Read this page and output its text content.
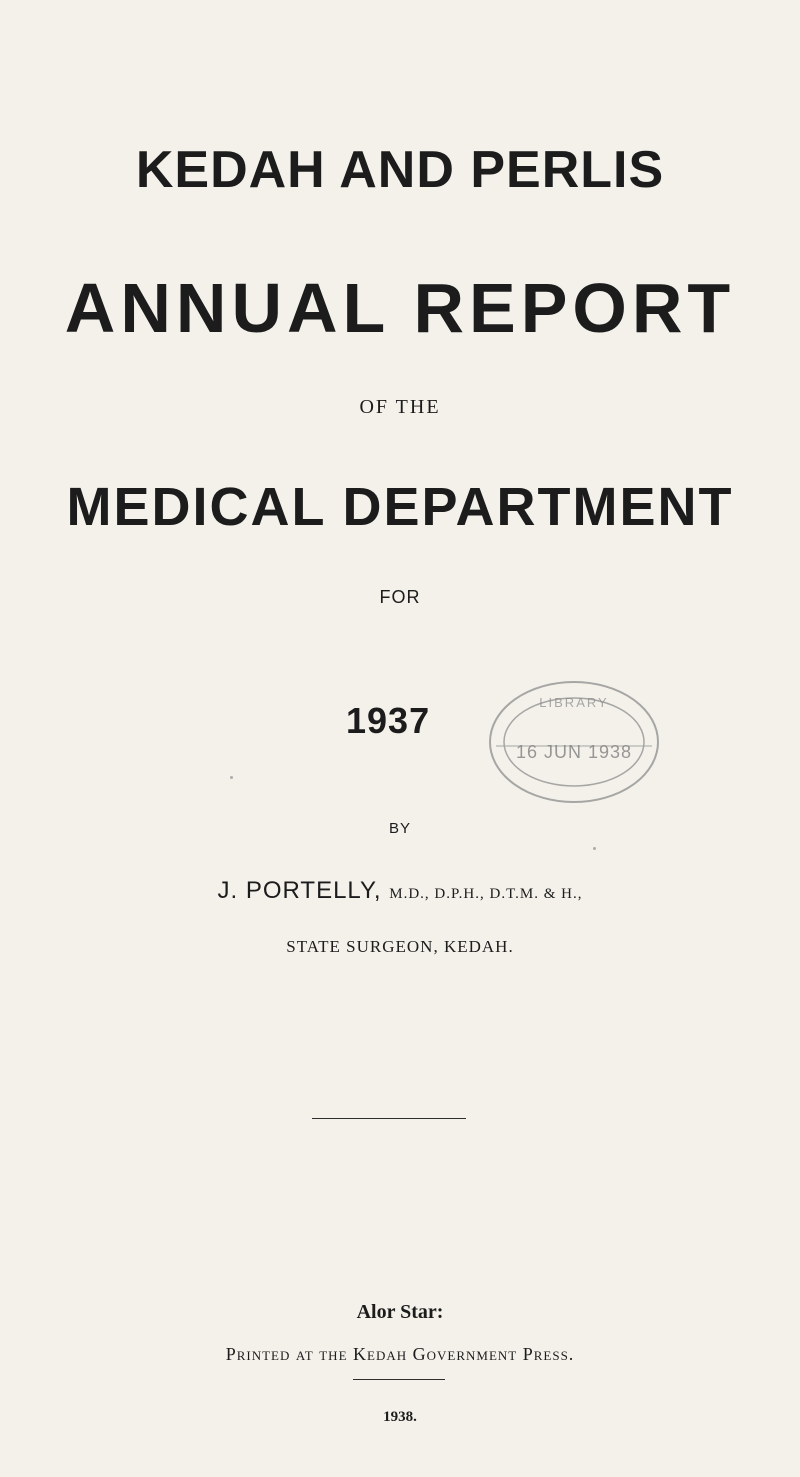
KEDAH AND PERLIS
ANNUAL REPORT
OF THE
MEDICAL DEPARTMENT
FOR
1937	LIBRARY
16 JUN 1938
BY
J. PORTELLY, M.D., D.P.H., D.T.M. & H.,
STATE SURGEON, KEDAH.
Alor Star:
Printed at the Kedah Government Press.
1938.
